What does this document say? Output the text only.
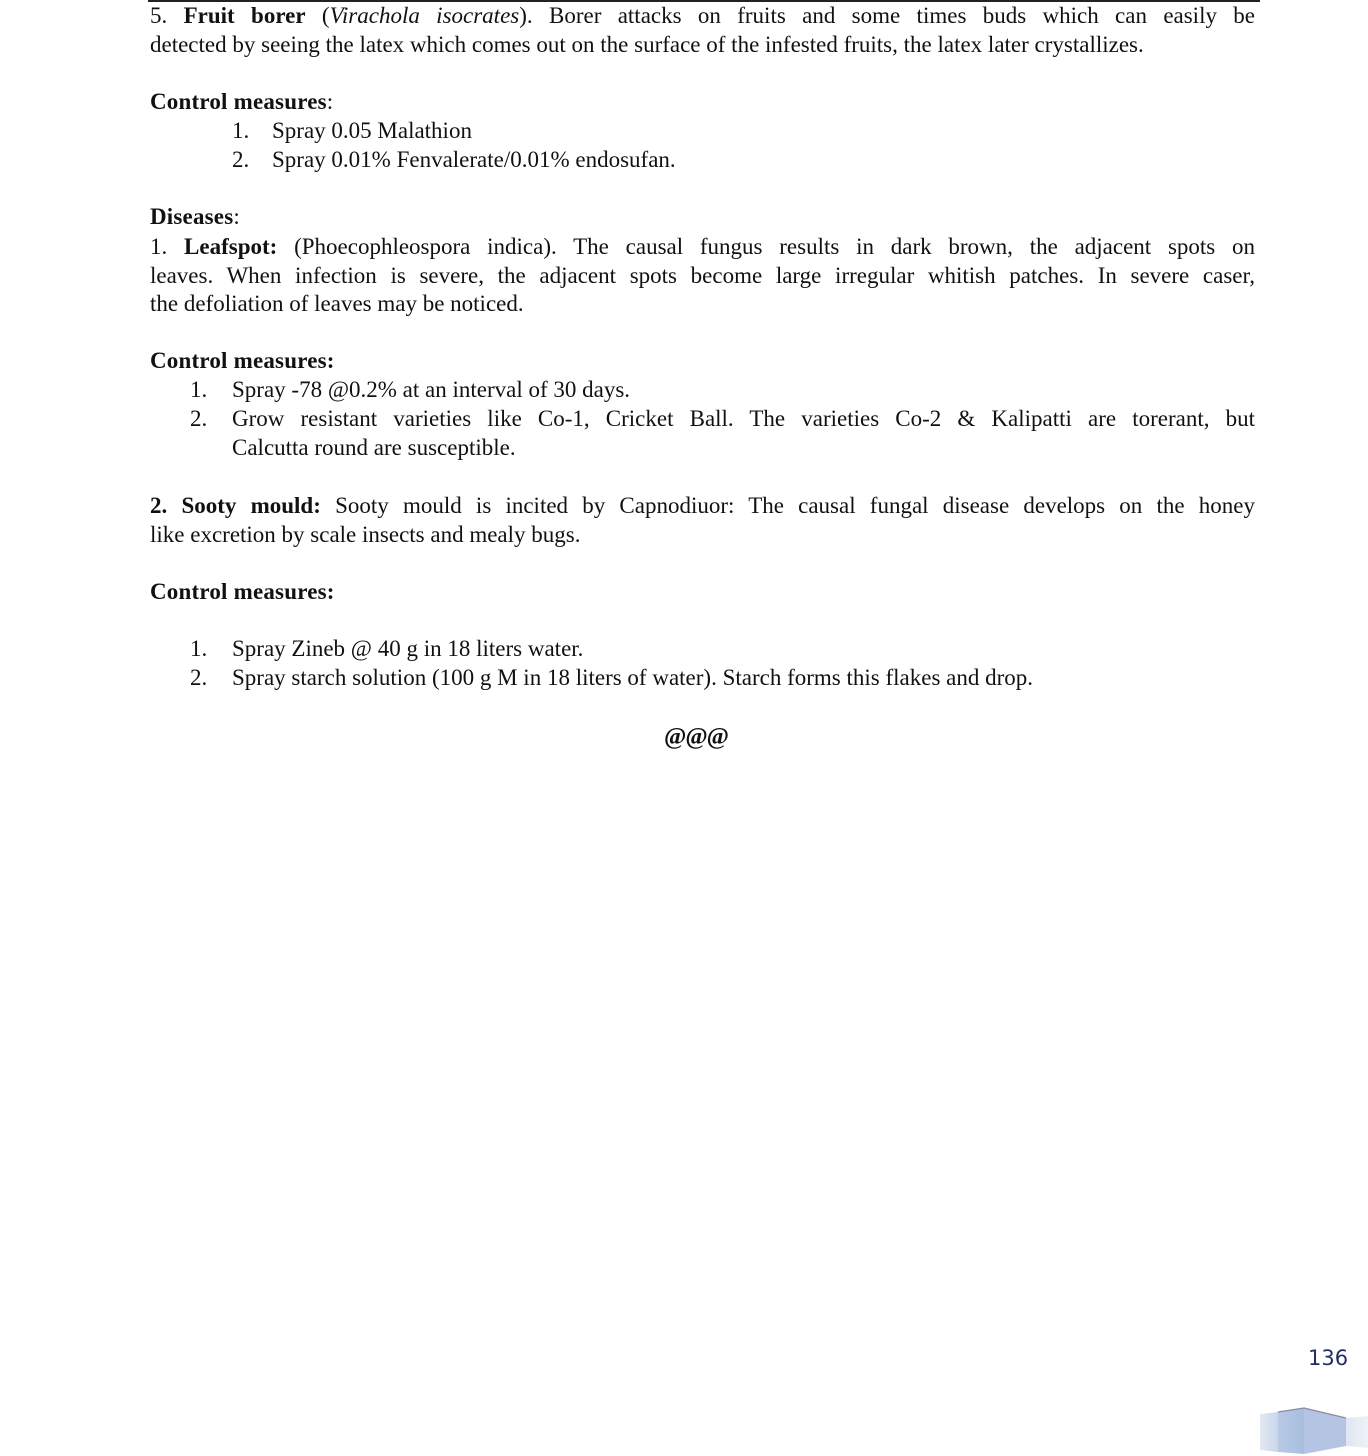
5. Fruit borer (Virachola isocrates). Borer attacks on fruits and some times buds which can easily be
detected by seeing the latex which comes out on the surface of the infested fruits, the latex later crystallizes.
Control measures:
1. Spray 0.05 Malathion
2. Spray 0.01% Fenvalerate/0.01% endosufan.
Diseases:
1. Leafspot: (Phoecophleospora indica). The causal fungus results in dark brown, the adjacent spots on
leaves. When infection is severe, the adjacent spots become large irregular whitish patches. In severe caser,
the defoliation of leaves may be noticed.
Control measures:
1. Spray -78 @0.2% at an interval of 30 days.
2. Grow resistant varieties like Co-1, Cricket Ball. The varieties Co-2 & Kalipatti are torerant, but
Calcutta round are susceptible.
2. Sooty mould: Sooty mould is incited by Capnodiuor: The causal fungal disease develops on the honey
like excretion by scale insects and mealy bugs.
Control measures:
1. Spray Zineb @ 40 g in 18 liters water.
2. Spray starch solution (100 g M in 18 liters of water). Starch forms this flakes and drop.
@@@
136
